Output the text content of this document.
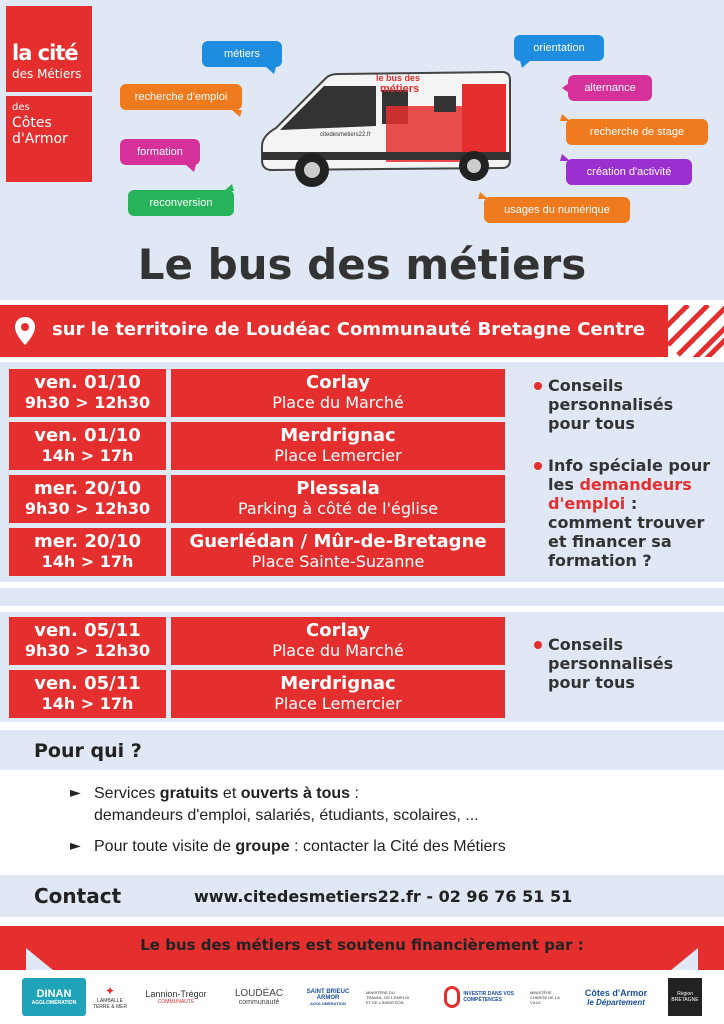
la cité
des Métiers
des
Côtes
d'Armor
métiers
recherche d'emploi
formation
reconversion
orientation
alternance
recherche de stage
création d'activité
usages du numérique
le bus des
métiers
citedesmetiers22.fr
Le bus des métiers
sur le territoire de Loudéac Communauté Bretagne Centre
ven. 01/10
9h30 > 12h30
Corlay
Place du Marché
ven. 01/10
14h > 17h
Merdrignac
Place Lemercier
mer. 20/10
9h30 > 12h30
Plessala
Parking à côté de l'église
mer. 20/10
14h > 17h
Guerlédan / Mûr-de-Bretagne
Place Sainte-Suzanne
Conseils personnalisés pour tous
Info spéciale pour les demandeurs d'emploi : comment trouver et financer sa formation ?
ven. 05/11
9h30 > 12h30
Corlay
Place du Marché
ven. 05/11
14h > 17h
Merdrignac
Place Lemercier
Conseils personnalisés pour tous
Pour qui ?
► Services gratuits et ouverts à tous :
demandeurs d'emploi, salariés, étudiants, scolaires, ...
► Pour toute visite de groupe : contacter la Cité des Métiers
Contact	www.citedesmetiers22.fr - 02 96 76 51 51
Le bus des métiers est soutenu financièrement par :
DINAN
AGGLOMÉRATION
✦
LAMBALLE TERRE & MER
Lannion-Trégor
COMMUNAUTÉ
LOUDÉAC
communauté
SAINT BRIEUC ARMOR
AGGLOMÉRATION
MINISTÈRE DU TRAVAIL, DE L'EMPLOI ET DE L'INSERTION
INVESTIR DANS VOS COMPÉTENCES
MINISTÈRE CHARGÉ DE LA VILLE
Côtes d'Armor
le Département
Région BRETAGNE
